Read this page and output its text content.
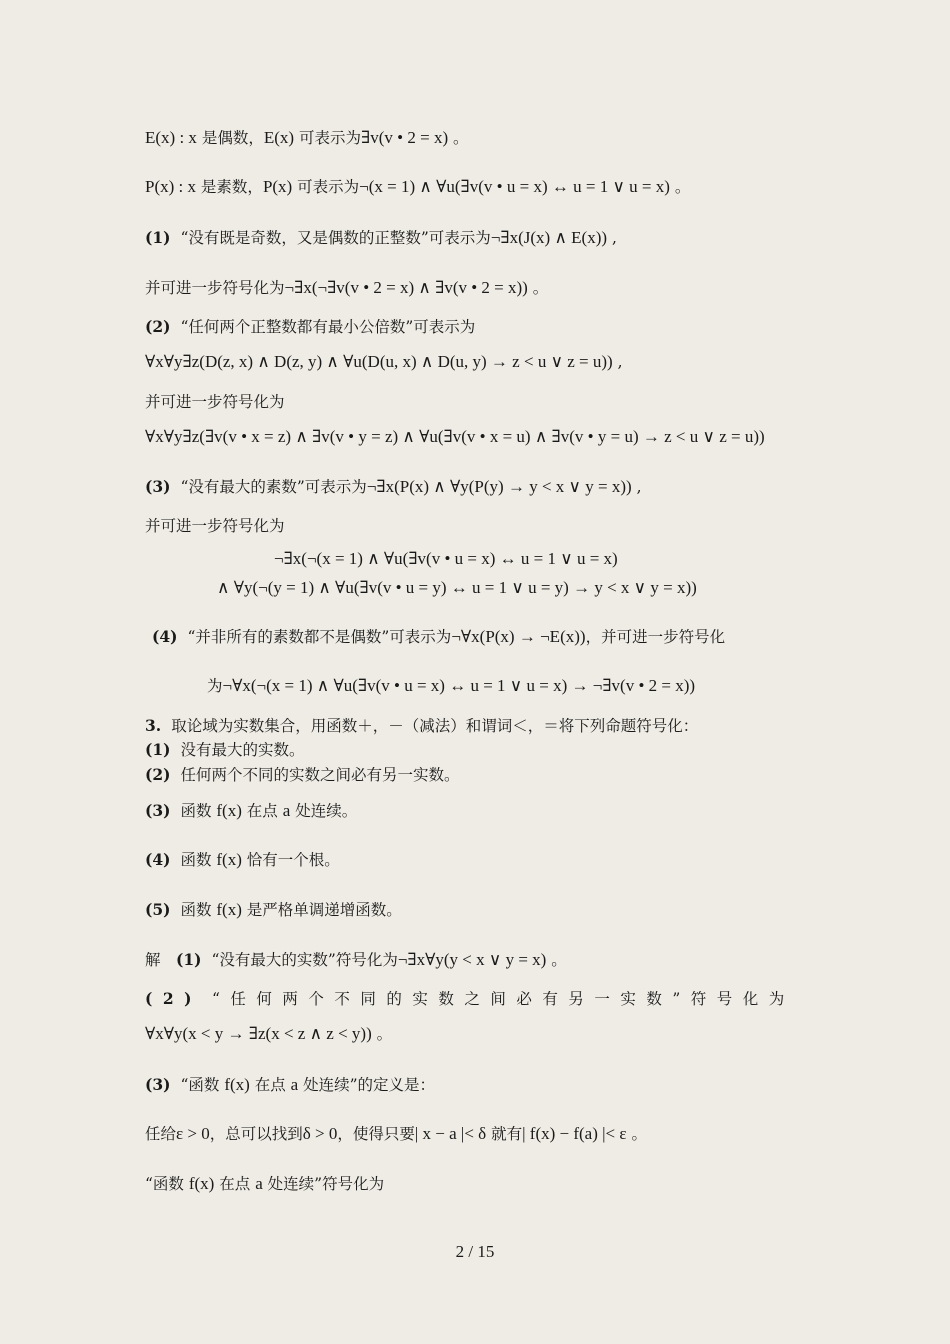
E(x) : x 是偶数，E(x) 可表示为∃v(v • 2 = x) 。
P(x) : x 是素数，P(x) 可表示为¬(x = 1) ∧ ∀u(∃v(v • u = x) ↔ u = 1 ∨ u = x) 。
(1) “没有既是奇数，又是偶数的正整数”可表示为¬∃x(J(x) ∧ E(x)) ,
并可进一步符号化为¬∃x(¬∃v(v • 2 = x) ∧ ∃v(v • 2 = x)) 。
(2) “任何两个正整数都有最小公倍数”可表示为
∀x∀y∃z(D(z, x) ∧ D(z, y) ∧ ∀u(D(u, x) ∧ D(u, y) → z < u ∨ z = u)) ,
并可进一步符号化为
∀x∀y∃z(∃v(v • x = z) ∧ ∃v(v • y = z) ∧ ∀u(∃v(v • x = u) ∧ ∃v(v • y = u) → z < u ∨ z = u))
(3) “没有最大的素数”可表示为¬∃x(P(x) ∧ ∀y(P(y) → y < x ∨ y = x)) ,
并可进一步符号化为
¬∃x(¬(x = 1) ∧ ∀u(∃v(v • u = x) ↔ u = 1 ∨ u = x)
∧ ∀y(¬(y = 1) ∧ ∀u(∃v(v • u = y) ↔ u = 1 ∨ u = y) → y < x ∨ y = x))
(4) “并非所有的素数都不是偶数”可表示为¬∀x(P(x) → ¬E(x))，并可进一步符号化
为¬∀x(¬(x = 1) ∧ ∀u(∃v(v • u = x) ↔ u = 1 ∨ u = x) → ¬∃v(v • 2 = x))
3. 取论域为实数集合，用函数＋，－（减法）和谓词＜，＝将下列命题符号化：
(1) 没有最大的实数。
(2) 任何两个不同的实数之间必有另一实数。
(3) 函数 f(x) 在点 a 处连续。
(4) 函数 f(x) 恰有一个根。
(5) 函数 f(x) 是严格单调递增函数。
解　(1) “没有最大的实数”符号化为¬∃x∀y(y < x ∨ y = x) 。
(2) “任何两个不同的实数之间必有另一实数”符号化为
∀x∀y(x < y → ∃z(x < z ∧ z < y)) 。
(3) “函数 f(x) 在点 a 处连续”的定义是：
任给ε > 0，总可以找到δ > 0，使得只要| x − a |< δ 就有| f(x) − f(a) |< ε 。
“函数 f(x) 在点 a 处连续”符号化为
2 / 15
